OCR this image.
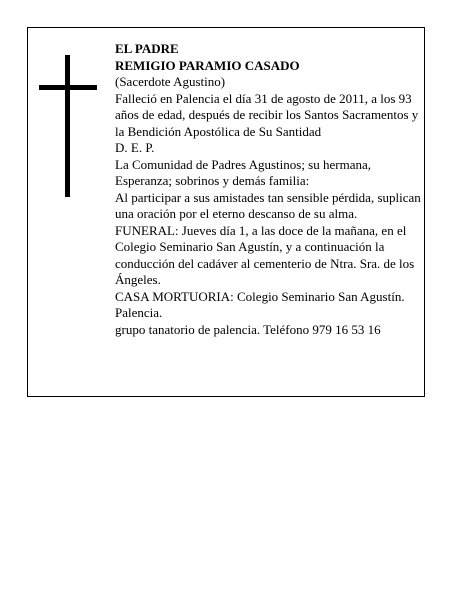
EL PADRE
REMIGIO PARAMIO CASADO
(Sacerdote Agustino)
Falleció en Palencia el día 31 de agosto de 2011, a los 93 años de edad, después de recibir los Santos Sacramentos y la Bendición Apostólica de Su Santidad
D. E. P.
La Comunidad de Padres Agustinos; su hermana, Esperanza; sobrinos y demás familia:
Al participar a sus amistades tan sensible pérdida, suplican una oración por el eterno descanso de su alma.
FUNERAL: Jueves día 1, a las doce de la mañana, en el Colegio Seminario San Agustín, y a continuación la conducción del cadáver al cementerio de Ntra. Sra. de los Ángeles.
CASA MORTUORIA: Colegio Seminario San Agustín. Palencia.
grupo tanatorio de palencia. Teléfono 979 16 53 16
